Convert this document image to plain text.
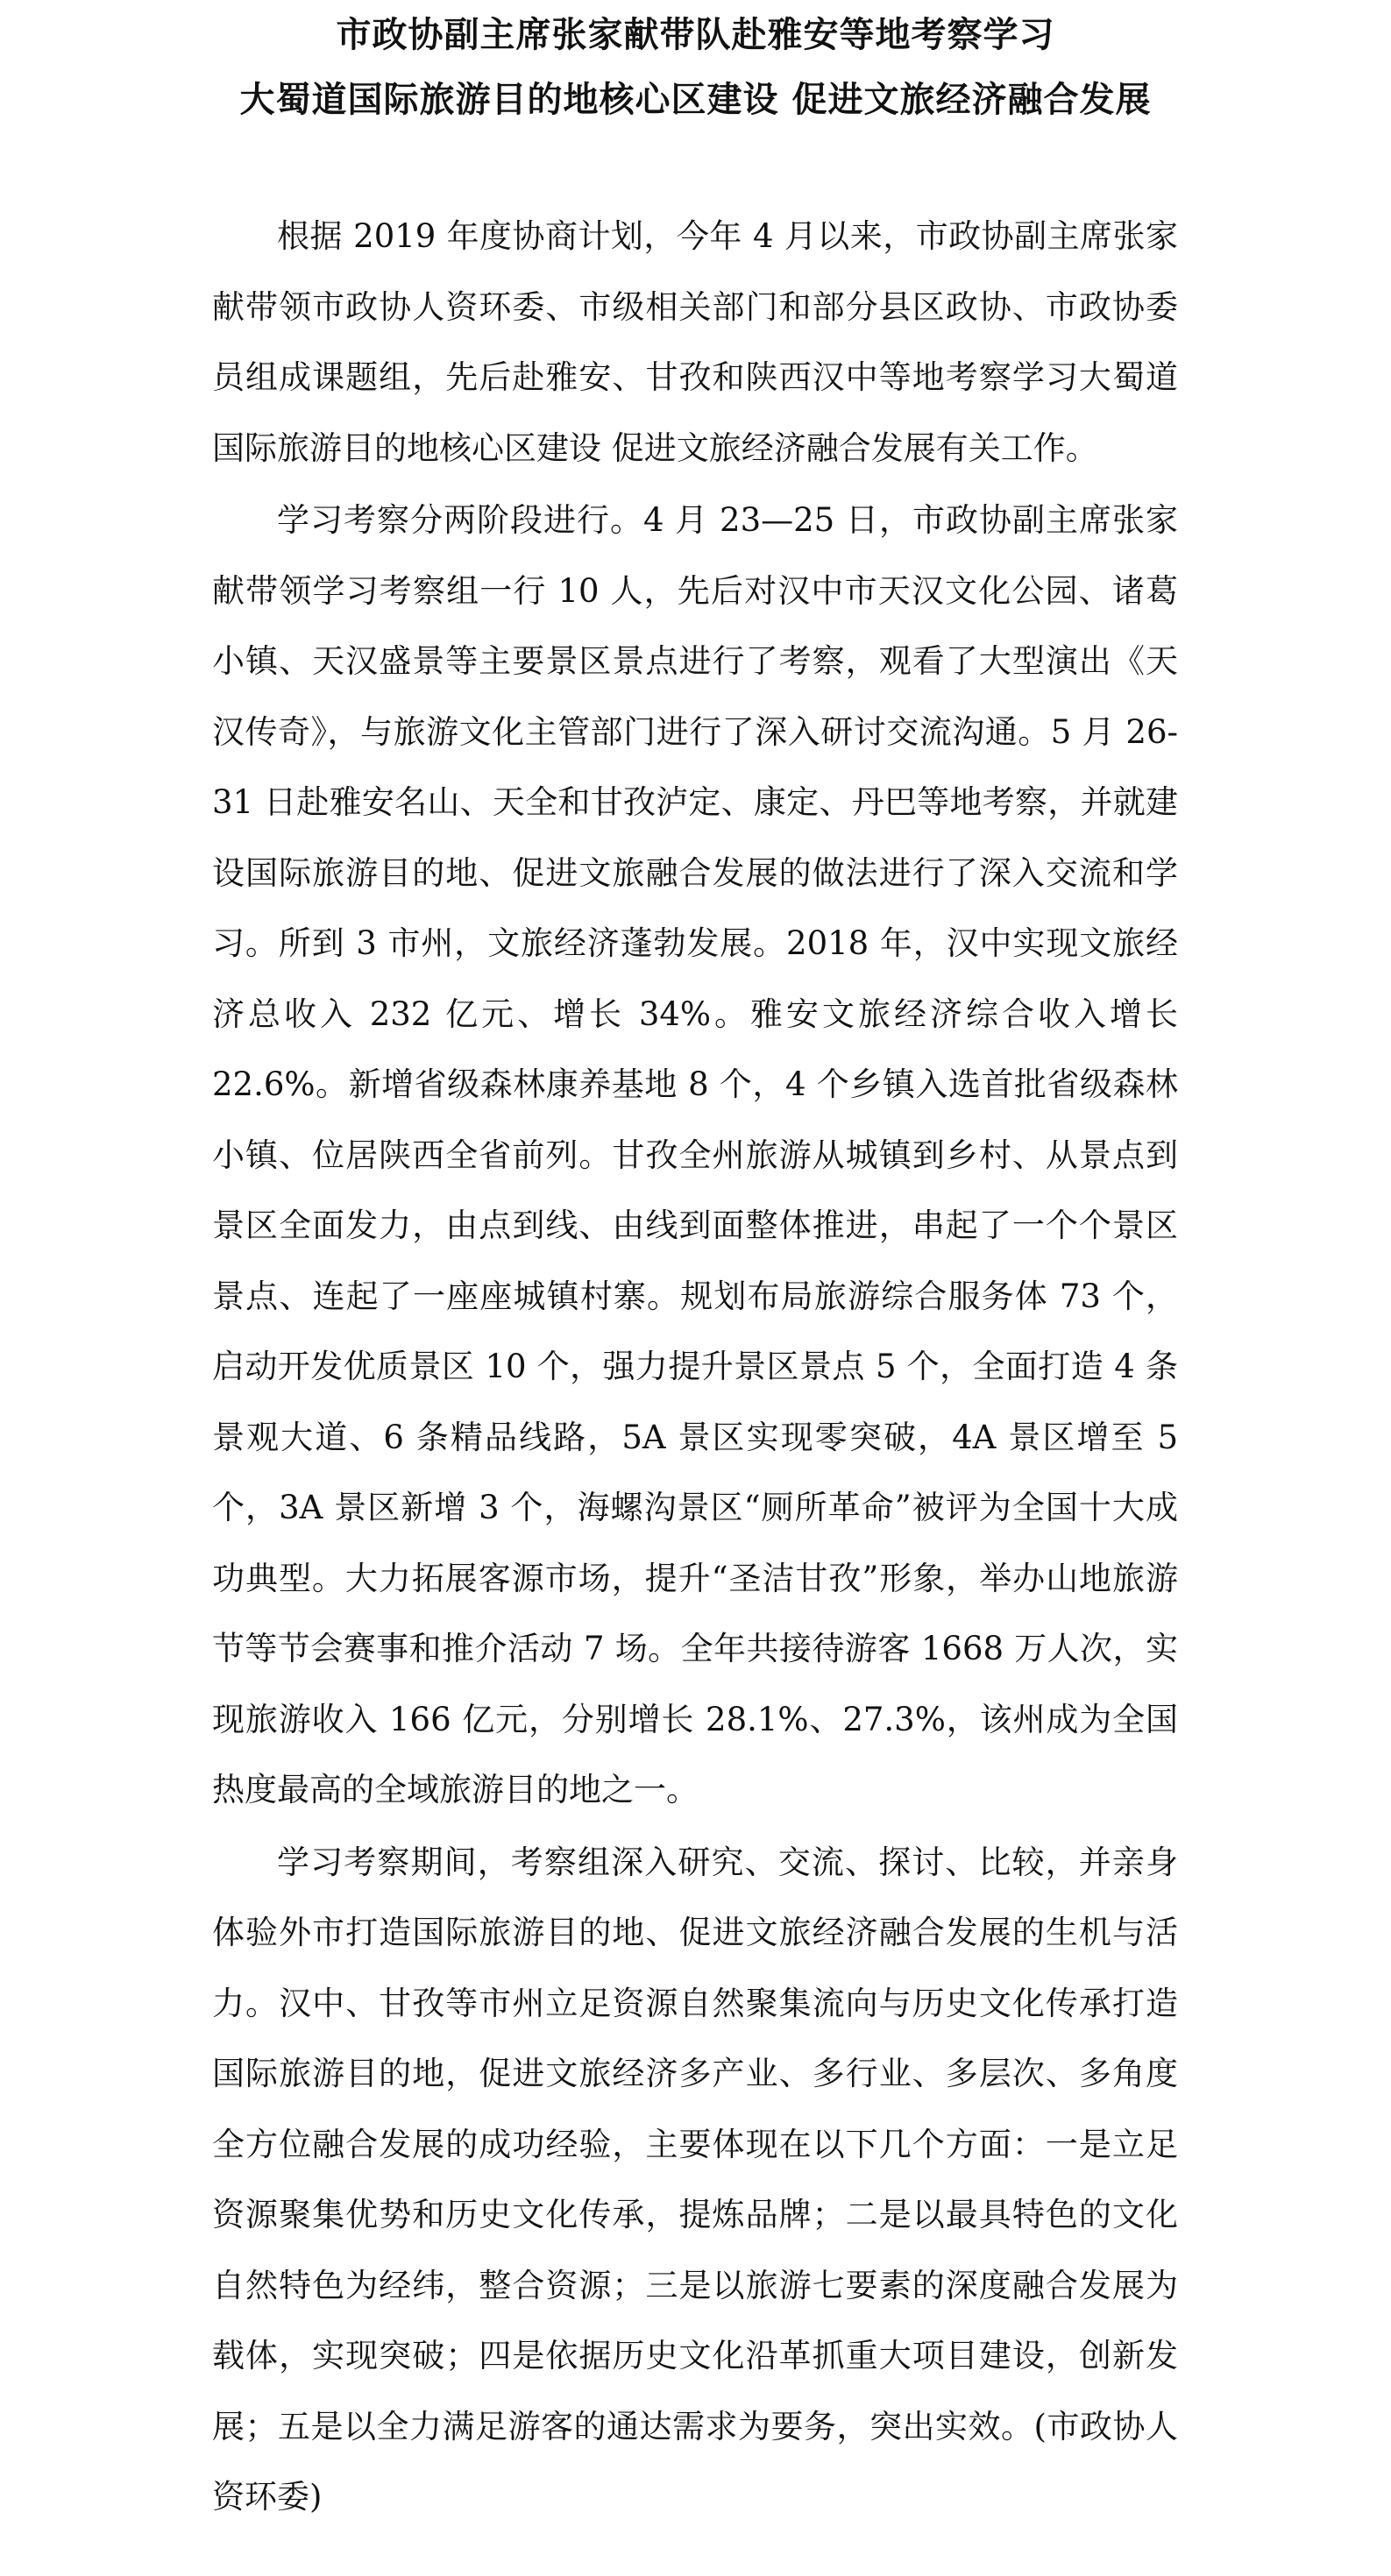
市政协副主席张家献带队赴雅安等地考察学习
大蜀道国际旅游目的地核心区建设 促进文旅经济融合发展

根据 2019 年度协商计划，今年 4 月以来，市政协副主席张家献带领市政协人资环委、市级相关部门和部分县区政协、市政协委员组成课题组，先后赴雅安、甘孜和陕西汉中等地考察学习大蜀道国际旅游目的地核心区建设 促进文旅经济融合发展有关工作。

学习考察分两阶段进行。4 月 23—25 日，市政协副主席张家献带领学习考察组一行 10 人，先后对汉中市天汉文化公园、诸葛小镇、天汉盛景等主要景区景点进行了考察，观看了大型演出《天汉传奇》，与旅游文化主管部门进行了深入研讨交流沟通。5 月 26-31 日赴雅安名山、天全和甘孜泸定、康定、丹巴等地考察，并就建设国际旅游目的地、促进文旅融合发展的做法进行了深入交流和学习。所到 3 市州，文旅经济蓬勃发展。2018 年，汉中实现文旅经济总收入 232 亿元、增长 34%。雅安文旅经济综合收入增长 22.6%。新增省级森林康养基地 8 个，4 个乡镇入选首批省级森林小镇、位居陕西全省前列。甘孜全州旅游从城镇到乡村、从景点到景区全面发力，由点到线、由线到面整体推进，串起了一个个景区景点、连起了一座座城镇村寨。规划布局旅游综合服务体 73 个，启动开发优质景区 10 个，强力提升景区景点 5 个，全面打造 4 条景观大道、6 条精品线路，5A 景区实现零突破，4A 景区增至 5 个，3A 景区新增 3 个，海螺沟景区“厕所革命”被评为全国十大成功典型。大力拓展客源市场，提升“圣洁甘孜”形象，举办山地旅游节等节会赛事和推介活动 7 场。全年共接待游客 1668 万人次，实现旅游收入 166 亿元，分别增长 28.1%、27.3%，该州成为全国热度最高的全域旅游目的地之一。

学习考察期间，考察组深入研究、交流、探讨、比较，并亲身体验外市打造国际旅游目的地、促进文旅经济融合发展的生机与活力。汉中、甘孜等市州立足资源自然聚集流向与历史文化传承打造国际旅游目的地，促进文旅经济多产业、多行业、多层次、多角度全方位融合发展的成功经验，主要体现在以下几个方面：一是立足资源聚集优势和历史文化传承，提炼品牌；二是以最具特色的文化自然特色为经纬，整合资源；三是以旅游七要素的深度融合发展为载体，实现突破；四是依据历史文化沿革抓重大项目建设，创新发展；五是以全力满足游客的通达需求为要务，突出实效。(市政协人资环委)
